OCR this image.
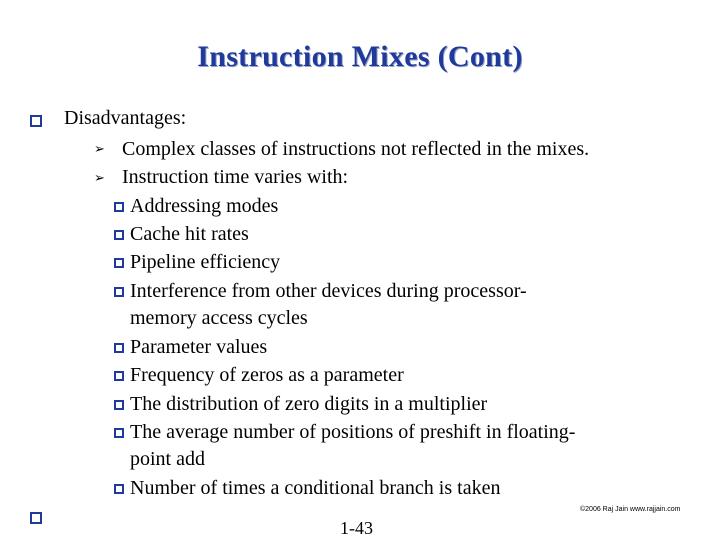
Instruction Mixes (Cont)
Disadvantages:
➢ Complex classes of instructions not reflected in the mixes.
➢ Instruction time varies with:
Addressing modes
Cache hit rates
Pipeline efficiency
Interference from other devices during processor-
memory access cycles
Parameter values
Frequency of zeros as a parameter
The distribution of zero digits in a multiplier
The average number of positions of preshift in floating-
point add
Number of times a conditional branch is taken
©2006 Raj Jain www.rajjain.com
1-43
